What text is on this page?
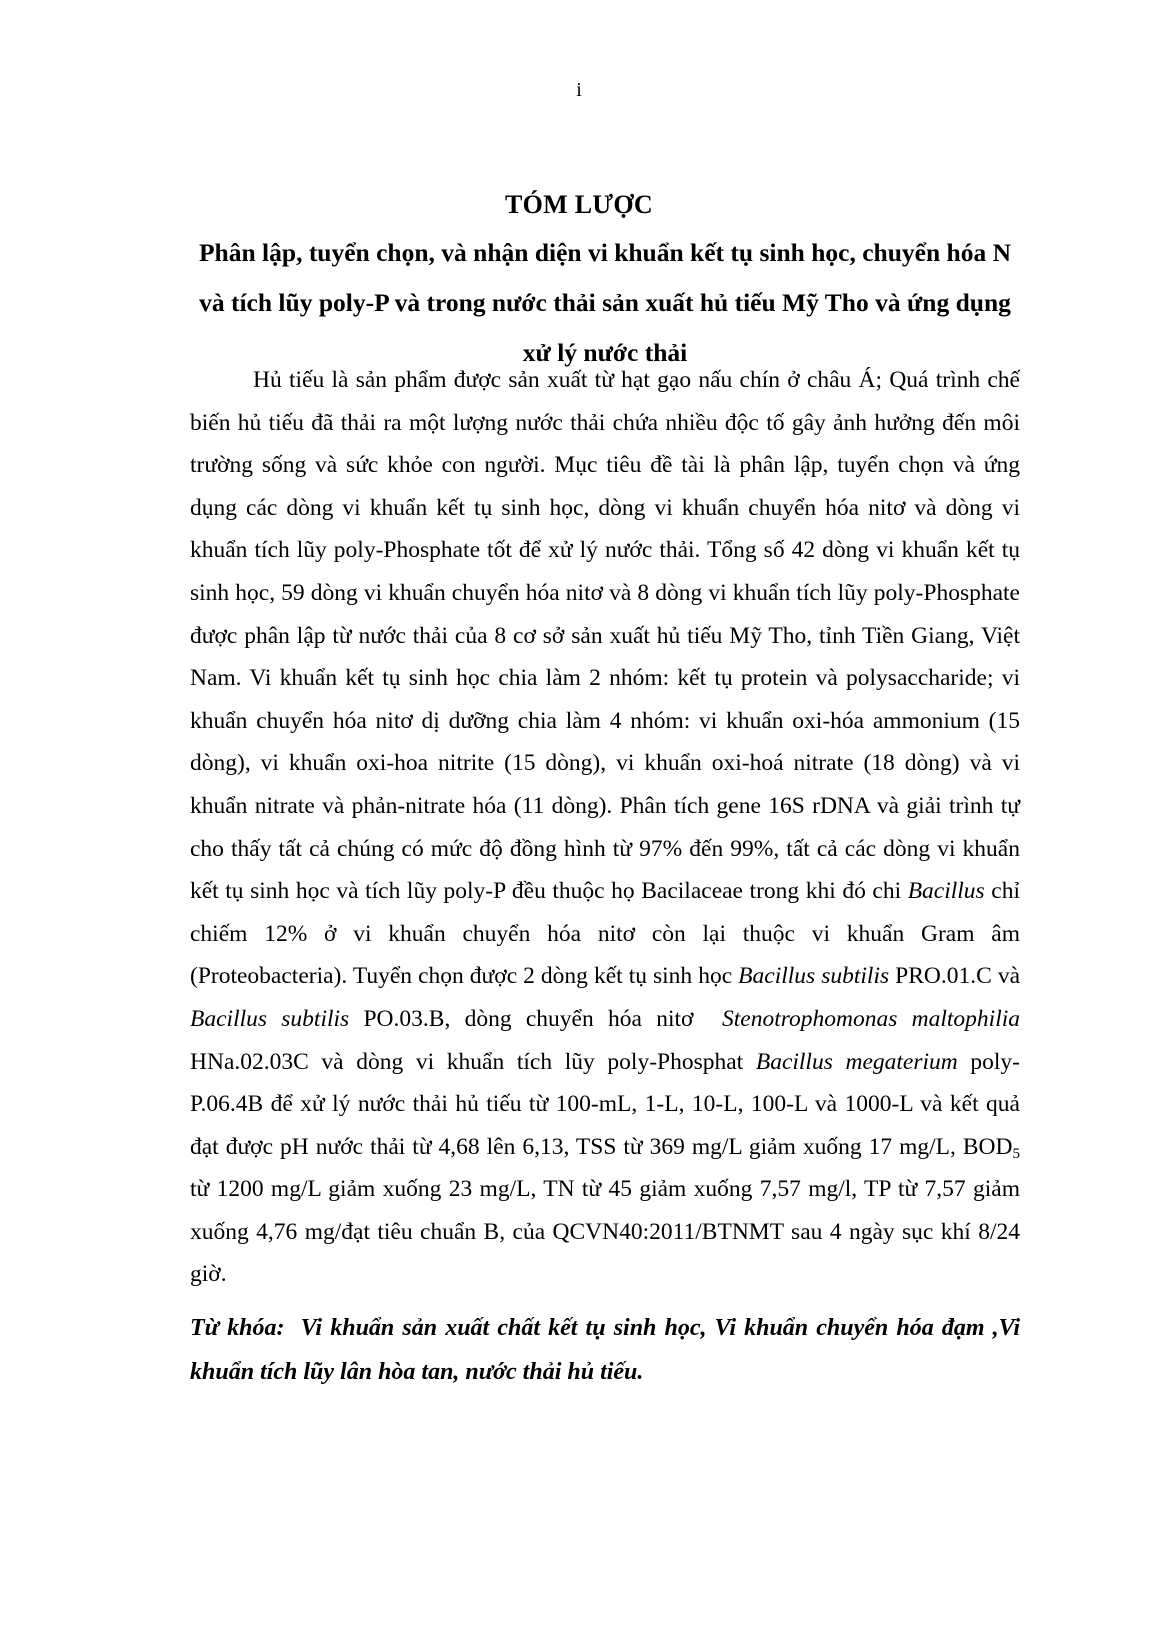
i
TÓM LƯỢC

Phân lập, tuyển chọn, và nhận diện vi khuẩn kết tụ sinh học, chuyển hóa N và tích lũy poly-P và trong nước thải sản xuất hủ tiếu Mỹ Tho và ứng dụng xử lý nước thải

Hủ tiếu là sản phẩm được sản xuất từ hạt gạo nấu chín ở châu Á; Quá trình chế biến hủ tiếu đã thải ra một lượng nước thải chứa nhiều độc tố gây ảnh hưởng đến môi trường sống và sức khỏe con người. Mục tiêu đề tài là phân lập, tuyển chọn và ứng dụng các dòng vi khuẩn kết tụ sinh học, dòng vi khuẩn chuyển hóa nitơ và dòng vi khuẩn tích lũy poly-Phosphate tốt để xử lý nước thải. Tổng số 42 dòng vi khuẩn kết tụ sinh học, 59 dòng vi khuẩn chuyển hóa nitơ và 8 dòng vi khuẩn tích lũy poly-Phosphate được phân lập từ nước thải của 8 cơ sở sản xuất hủ tiếu Mỹ Tho, tỉnh Tiền Giang, Việt Nam. Vi khuẩn kết tụ sinh học chia làm 2 nhóm: kết tụ protein và polysaccharide; vi khuẩn chuyển hóa nitơ dị dưỡng chia làm 4 nhóm: vi khuẩn oxi-hóa ammonium (15 dòng), vi khuẩn oxi-hoa nitrite (15 dòng), vi khuẩn oxi-hoá nitrate (18 dòng) và vi khuẩn nitrate và phản-nitrate hóa (11 dòng). Phân tích gene 16S rDNA và giải trình tự cho thấy tất cả chúng có mức độ đồng hình từ 97% đến 99%, tất cả các dòng vi khuẩn kết tụ sinh học và tích lũy poly-P đều thuộc họ Bacilaceae trong khi đó chi Bacillus chỉ chiếm 12% ở vi khuẩn chuyển hóa nitơ còn lại thuộc vi khuẩn Gram âm (Proteobacteria). Tuyển chọn được 2 dòng kết tụ sinh học Bacillus subtilis PRO.01.C và Bacillus subtilis PO.03.B, dòng chuyển hóa nitơ Stenotrophomonas maltophilia HNa.02.03C và dòng vi khuẩn tích lũy poly-Phosphat Bacillus megaterium poly-P.06.4B để xử lý nước thải hủ tiếu từ 100-mL, 1-L, 10-L, 100-L và 1000-L và kết quả đạt được pH nước thải từ 4,68 lên 6,13, TSS từ 369 mg/L giảm xuống 17 mg/L, $BOD_5$ từ 1200 mg/L giảm xuống 23 mg/L, TN từ 45 giảm xuống 7,57 mg/l, TP từ 7,57 giảm xuống 4,76 mg/đạt tiêu chuẩn B, của QCVN40:2011/BTNMT sau 4 ngày sục khí 8/24 giờ.

Từ khóa: Vi khuẩn sản xuất chất kết tụ sinh học, Vi khuẩn chuyển hóa đạm ,Vi khuẩn tích lũy lân hòa tan, nước thải hủ tiếu.
